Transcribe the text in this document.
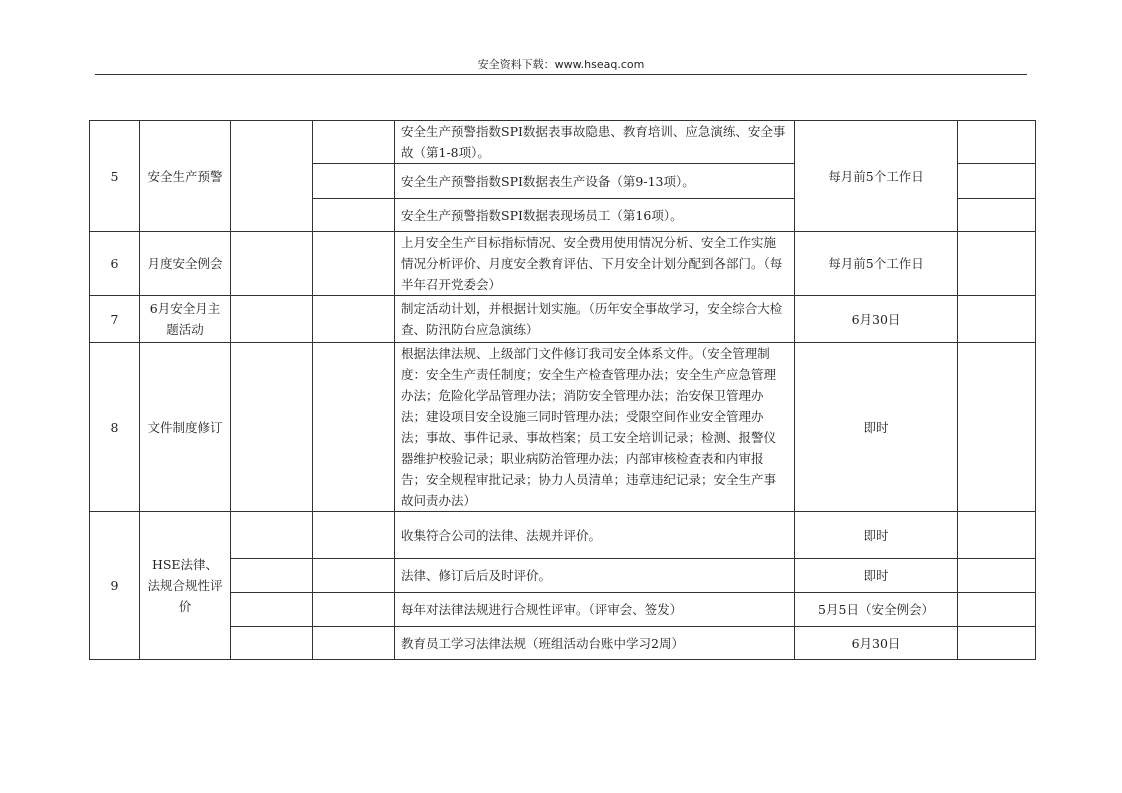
安全资料下载：www.hseaq.com
5	安全生产预警			安全生产预警指数SPI数据表事故隐患、教育培训、应急演练、安全事故（第1-8项）。	每月前5个工作日	
				安全生产预警指数SPI数据表生产设备（第9-13项）。		
				安全生产预警指数SPI数据表现场员工（第16项）。		
6	月度安全例会			上月安全生产目标指标情况、安全费用使用情况分析、安全工作实施情况分析评价、月度安全教育评估、下月安全计划分配到各部门。（每半年召开党委会）	每月前5个工作日	
7	6月安全月主题活动			制定活动计划，并根据计划实施。（历年安全事故学习，安全综合大检查、防汛防台应急演练）	6月30日	
8	文件制度修订			根据法律法规、上级部门文件修订我司安全体系文件。（安全管理制度：安全生产责任制度；安全生产检查管理办法；安全生产应急管理办法；危险化学品管理办法；消防安全管理办法；治安保卫管理办法；建设项目安全设施三同时管理办法；受限空间作业安全管理办法；事故、事件记录、事故档案；员工安全培训记录；检测、报警仪器维护校验记录；职业病防治管理办法；内部审核检查表和内审报告；安全规程审批记录；协力人员清单；违章违纪记录；安全生产事故问责办法）	即时	
9	HSE法律、法规合规性评价			收集符合公司的法律、法规并评价。	即时	
				法律、修订后后及时评价。	即时	
				每年对法律法规进行合规性评审。（评审会、签发）	5月5日（安全例会）	
				教育员工学习法律法规（班组活动台账中学习2周）	6月30日	
